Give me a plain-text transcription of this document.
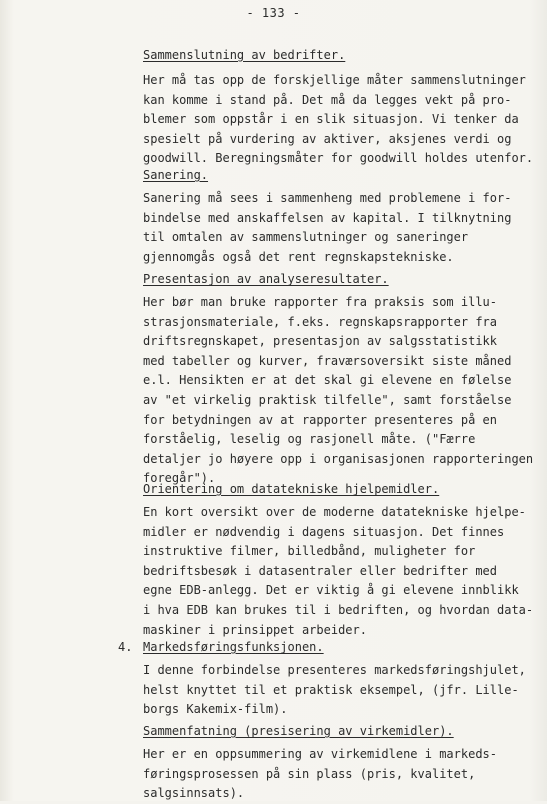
- 133 -
Sammenslutning av bedrifter.
Her må tas opp de forskjellige måter sammenslutninger
kan komme i stand på. Det må da legges vekt på pro-
blemer som oppstår i en slik situasjon. Vi tenker da
spesielt på vurdering av aktiver, aksjenes verdi og
goodwill. Beregningsmåter for goodwill holdes utenfor.
Sanering.
Sanering må sees i sammenheng med problemene i for-
bindelse med anskaffelsen av kapital. I tilknytning
til omtalen av sammenslutninger og saneringer
gjennomgås også det rent regnskapstekniske.
Presentasjon av analyseresultater.
Her bør man bruke rapporter fra praksis som illu-
strasjonsmateriale, f.eks. regnskapsrapporter fra
driftsregnskapet, presentasjon av salgsstatistikk
med tabeller og kurver, fraværsoversikt siste måned
e.l. Hensikten er at det skal gi elevene en følelse
av "et virkelig praktisk tilfelle", samt forståelse
for betydningen av at rapporter presenteres på en
forståelig, leselig og rasjonell måte. ("Færre
detaljer jo høyere opp i organisasjonen rapporteringen
foregår").
Orientering om datatekniske hjelpemidler.
En kort oversikt over de moderne datatekniske hjelpe-
midler er nødvendig i dagens situasjon. Det finnes
instruktive filmer, billedbånd, muligheter for
bedriftsbesøk i datasentraler eller bedrifter med
egne EDB-anlegg. Det er viktig å gi elevene innblikk
i hva EDB kan brukes til i bedriften, og hvordan data-
maskiner i prinsippet arbeider.
4. Markedsføringsfunksjonen.
I denne forbindelse presenteres markedsføringshjulet,
helst knyttet til et praktisk eksempel, (jfr. Lille-
borgs Kakemix-film).
Sammenfatning (presisering av virkemidler).
Her er en oppsummering av virkemidlene i markeds-
føringsprosessen på sin plass (pris, kvalitet,
salgsinnsats).
